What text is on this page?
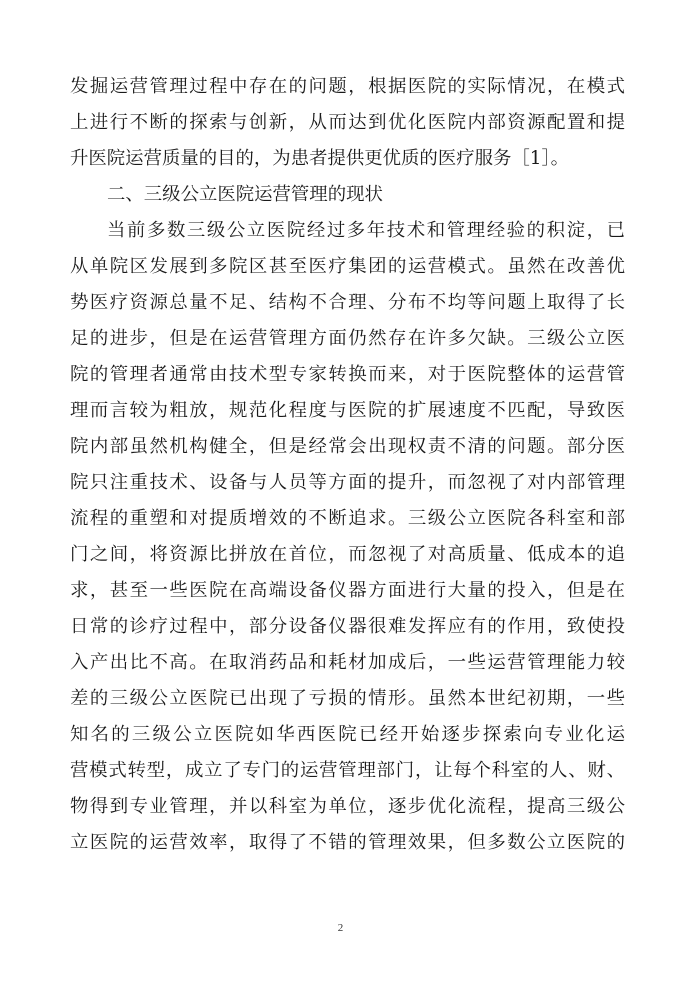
发掘运营管理过程中存在的问题，根据医院的实际情况，在模式
上进行不断的探索与创新，从而达到优化医院内部资源配置和提
升医院运营质量的目的，为患者提供更优质的医疗服务［1］。
二、三级公立医院运营管理的现状
当前多数三级公立医院经过多年技术和管理经验的积淀，已
从单院区发展到多院区甚至医疗集团的运营模式。虽然在改善优
势医疗资源总量不足、结构不合理、分布不均等问题上取得了长
足的进步，但是在运营管理方面仍然存在许多欠缺。三级公立医
院的管理者通常由技术型专家转换而来，对于医院整体的运营管
理而言较为粗放，规范化程度与医院的扩展速度不匹配，导致医
院内部虽然机构健全，但是经常会出现权责不清的问题。部分医
院只注重技术、设备与人员等方面的提升，而忽视了对内部管理
流程的重塑和对提质增效的不断追求。三级公立医院各科室和部
门之间，将资源比拼放在首位，而忽视了对高质量、低成本的追
求，甚至一些医院在高端设备仪器方面进行大量的投入，但是在
日常的诊疗过程中，部分设备仪器很难发挥应有的作用，致使投
入产出比不高。在取消药品和耗材加成后，一些运营管理能力较
差的三级公立医院已出现了亏损的情形。虽然本世纪初期，一些
知名的三级公立医院如华西医院已经开始逐步探索向专业化运
营模式转型，成立了专门的运营管理部门，让每个科室的人、财、
物得到专业管理，并以科室为单位，逐步优化流程，提高三级公
立医院的运营效率，取得了不错的管理效果，但多数公立医院的
2
